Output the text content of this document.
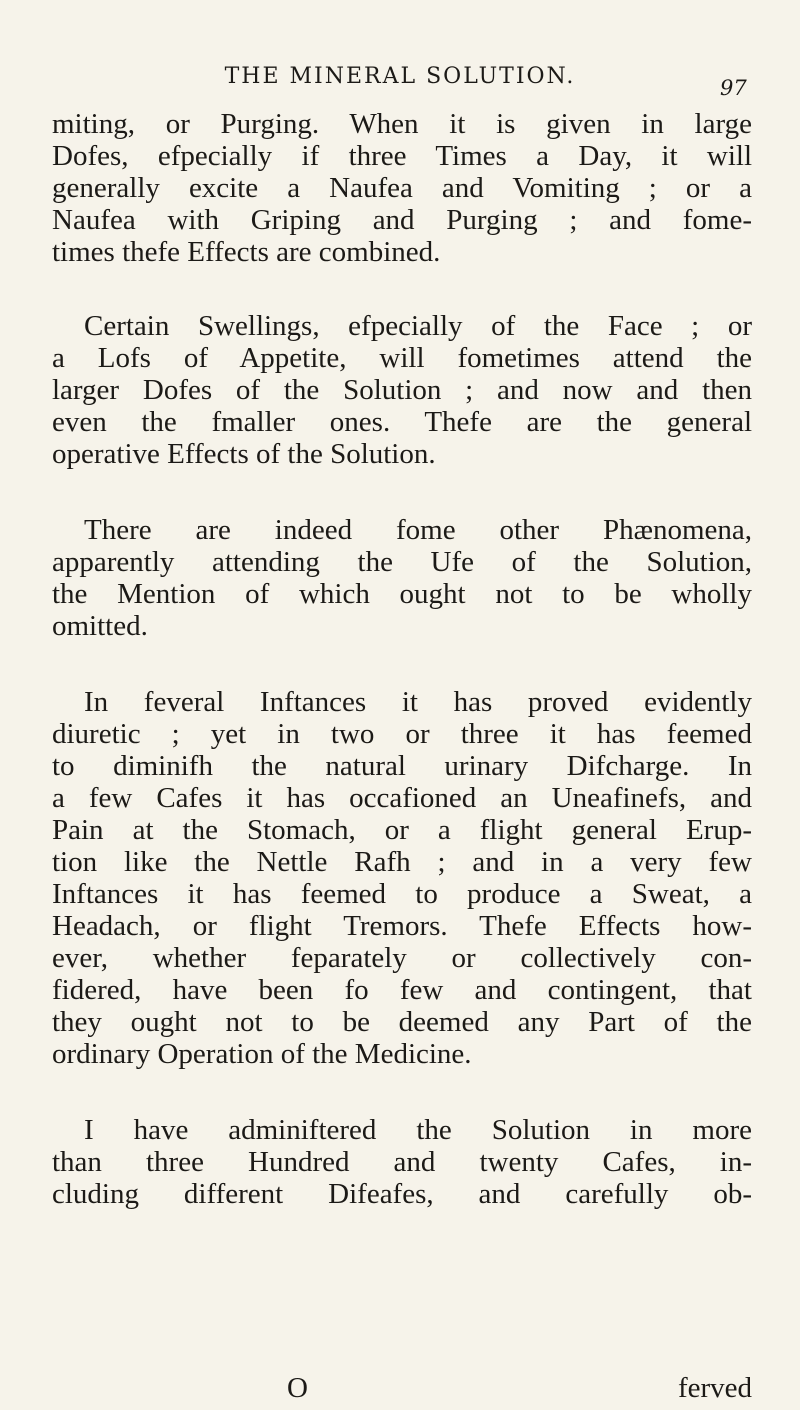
THE MINERAL SOLUTION.	97

miting, or Purging. When it is given in large
Dofes, efpecially if three Times a Day, it will
generally excite a Naufea and Vomiting ; or a
Naufea with Griping and Purging ; and fome-
times thefe Effects are combined.

Certain Swellings, efpecially of the Face ; or
a Lofs of Appetite, will fometimes attend the
larger Dofes of the Solution ; and now and then
even the fmaller ones. Thefe are the general
operative Effects of the Solution.

There are indeed fome other Phænomena,
apparently attending the Ufe of the Solution,
the Mention of which ought not to be wholly
omitted.

In feveral Inftances it has proved evidently
diuretic ; yet in two or three it has feemed
to diminifh the natural urinary Difcharge. In
a few Cafes it has occafioned an Uneafinefs, and
Pain at the Stomach, or a flight general Erup-
tion like the Nettle Rafh ; and in a very few
Inftances it has feemed to produce a Sweat, a
Headach, or flight Tremors. Thefe Effects how-
ever, whether feparately or collectively con-
fidered, have been fo few and contingent, that
they ought not to be deemed any Part of the
ordinary Operation of the Medicine.

I have adminiftered the Solution in more
than three Hundred and twenty Cafes, in-
cluding different Difeafes, and carefully ob-

O	ferved
